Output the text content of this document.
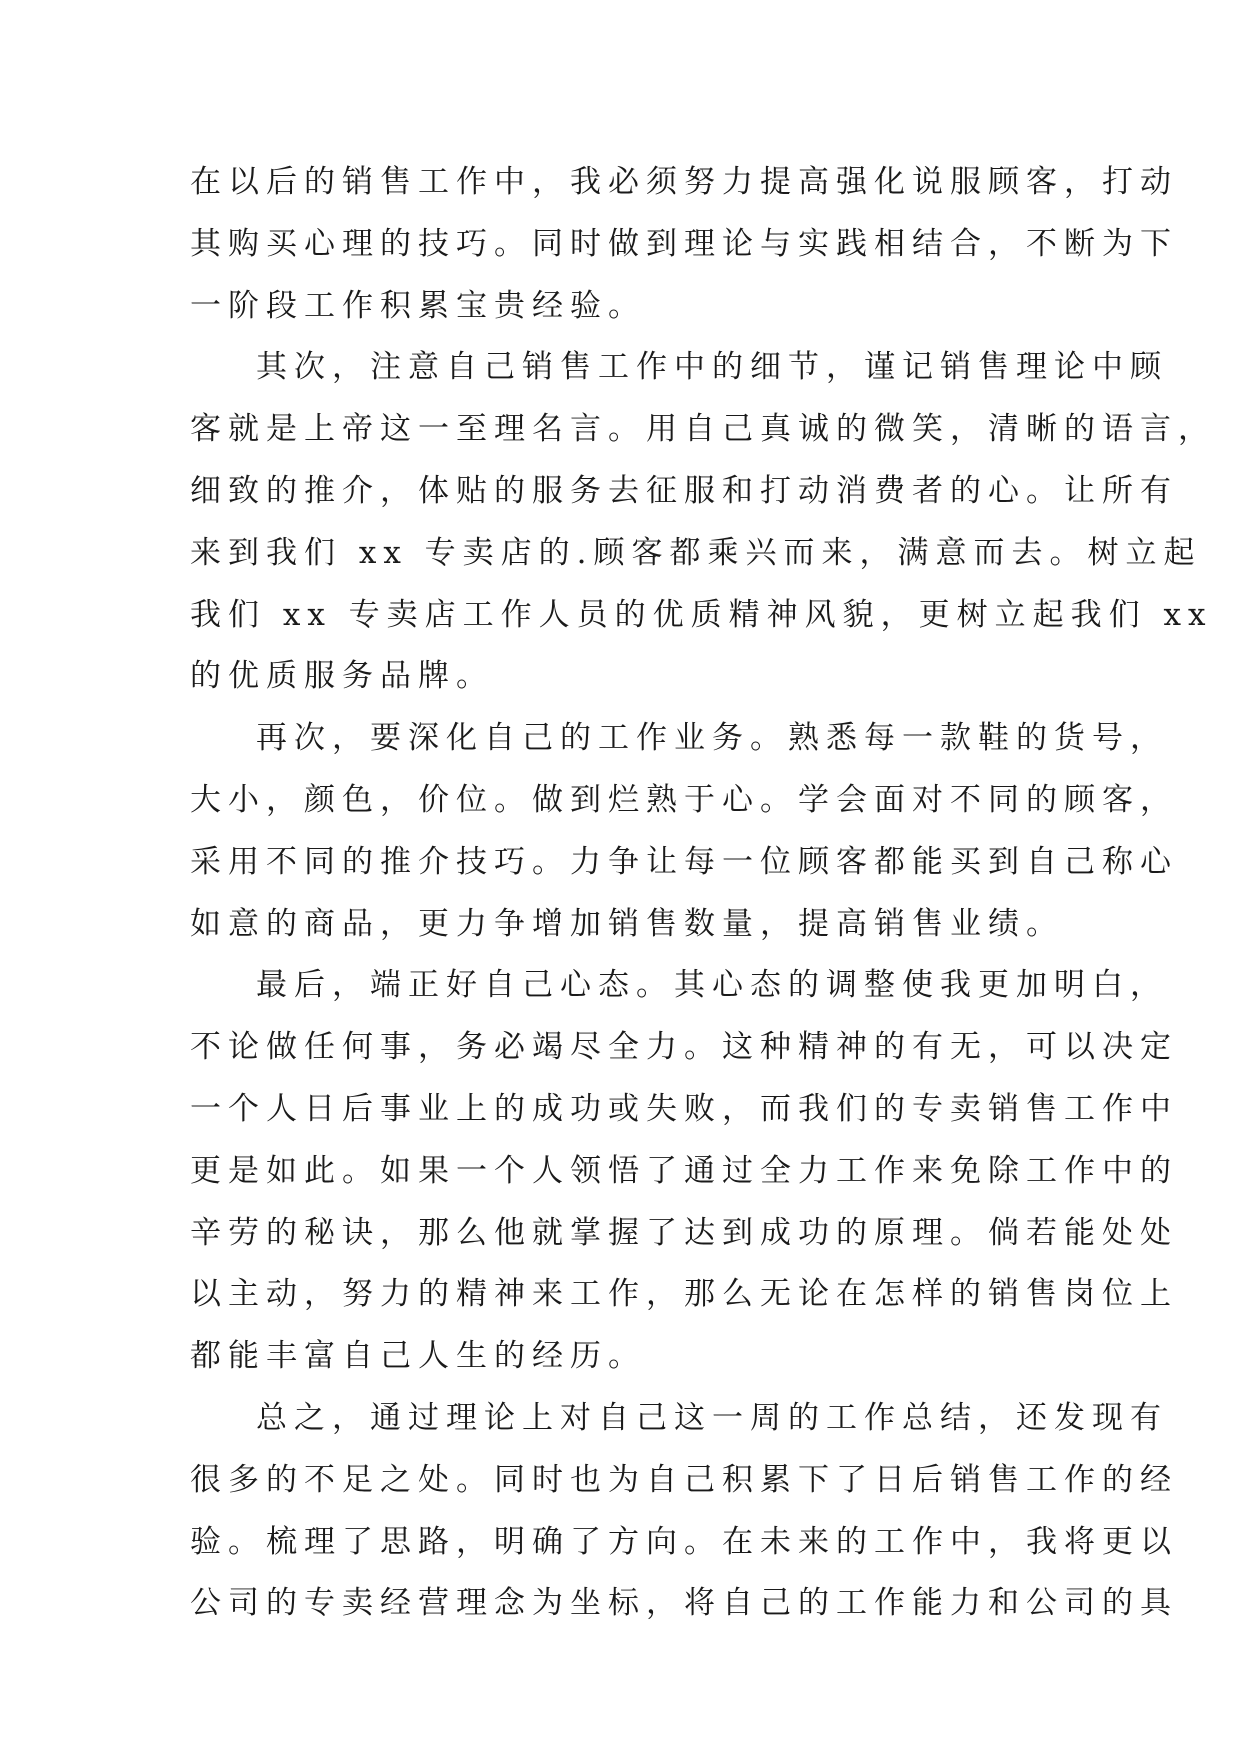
在以后的销售工作中，我必须努力提高强化说服顾客，打动
其购买心理的技巧。同时做到理论与实践相结合，不断为下
一阶段工作积累宝贵经验。
其次，注意自己销售工作中的细节，谨记销售理论中顾
客就是上帝这一至理名言。用自己真诚的微笑，清晰的语言，
细致的推介，体贴的服务去征服和打动消费者的心。让所有
来到我们 xx 专卖店的.顾客都乘兴而来，满意而去。树立起
我们 xx 专卖店工作人员的优质精神风貌，更树立起我们 xx
的优质服务品牌。
再次，要深化自己的工作业务。熟悉每一款鞋的货号，
大小，颜色，价位。做到烂熟于心。学会面对不同的顾客，
采用不同的推介技巧。力争让每一位顾客都能买到自己称心
如意的商品，更力争增加销售数量，提高销售业绩。
最后，端正好自己心态。其心态的调整使我更加明白，
不论做任何事，务必竭尽全力。这种精神的有无，可以决定
一个人日后事业上的成功或失败，而我们的专卖销售工作中
更是如此。如果一个人领悟了通过全力工作来免除工作中的
辛劳的秘诀，那么他就掌握了达到成功的原理。倘若能处处
以主动，努力的精神来工作，那么无论在怎样的销售岗位上
都能丰富自己人生的经历。
总之，通过理论上对自己这一周的工作总结，还发现有
很多的不足之处。同时也为自己积累下了日后销售工作的经
验。梳理了思路，明确了方向。在未来的工作中，我将更以
公司的专卖经营理念为坐标，将自己的工作能力和公司的具
